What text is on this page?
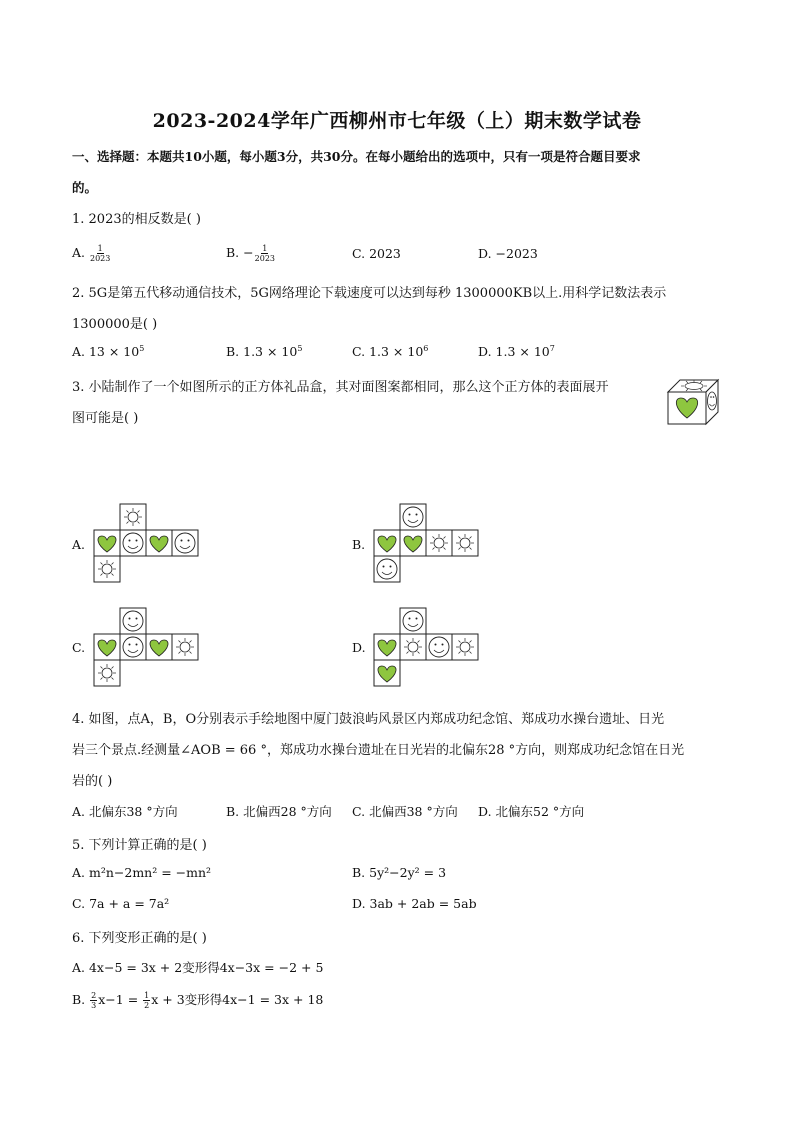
2023-2024学年广西柳州市七年级（上）期末数学试卷
一、选择题：本题共10小题，每小题3分，共30分。在每小题给出的选项中，只有一项是符合题目要求
的。
1. 2023的相反数是( )
A. $\frac{1}{2023}$	B. − $\frac{1}{2023}$	C. 2023	D. −2023
2. 5G是第五代移动通信技术，5G网络理论下载速度可以达到每秒 1300000KB以上.用科学记数法表示
1300000是( )
A. $13 \times 10^5$	B. $1.3 \times 10^5$	C. $1.3 \times 10^6$	D. $1.3 \times 10^7$
3. 小陆制作了一个如图所示的正方体礼品盒，其对面图案都相同，那么这个正方体的表面展开
图可能是( )
A.	B.
C.	D.
4. 如图，点A，B，O分别表示手绘地图中厦门鼓浪屿风景区内郑成功纪念馆、郑成功水操台遗址、日光
岩三个景点.经测量∠AOB = 66 °，郑成功水操台遗址在日光岩的北偏东28 °方向，则郑成功纪念馆在日光
岩的( )
A. 北偏东38 °方向	B. 北偏西28 °方向 C. 北偏西38 °方向 D. 北偏东52 °方向
5. 下列计算正确的是( )
A. m²n−2mn² = −mn²	B. 5y²−2y² = 3
C. 7a + a = 7a²	D. 3ab + 2ab = 5ab
6. 下列变形正确的是( )
A. 4x−5 = 3x + 2变形得4x−3x = −2 + 5
B. $\frac{2}{3} x-1 = \frac{1}{2}$ x + 3变形得4x−1 = 3x + 18
